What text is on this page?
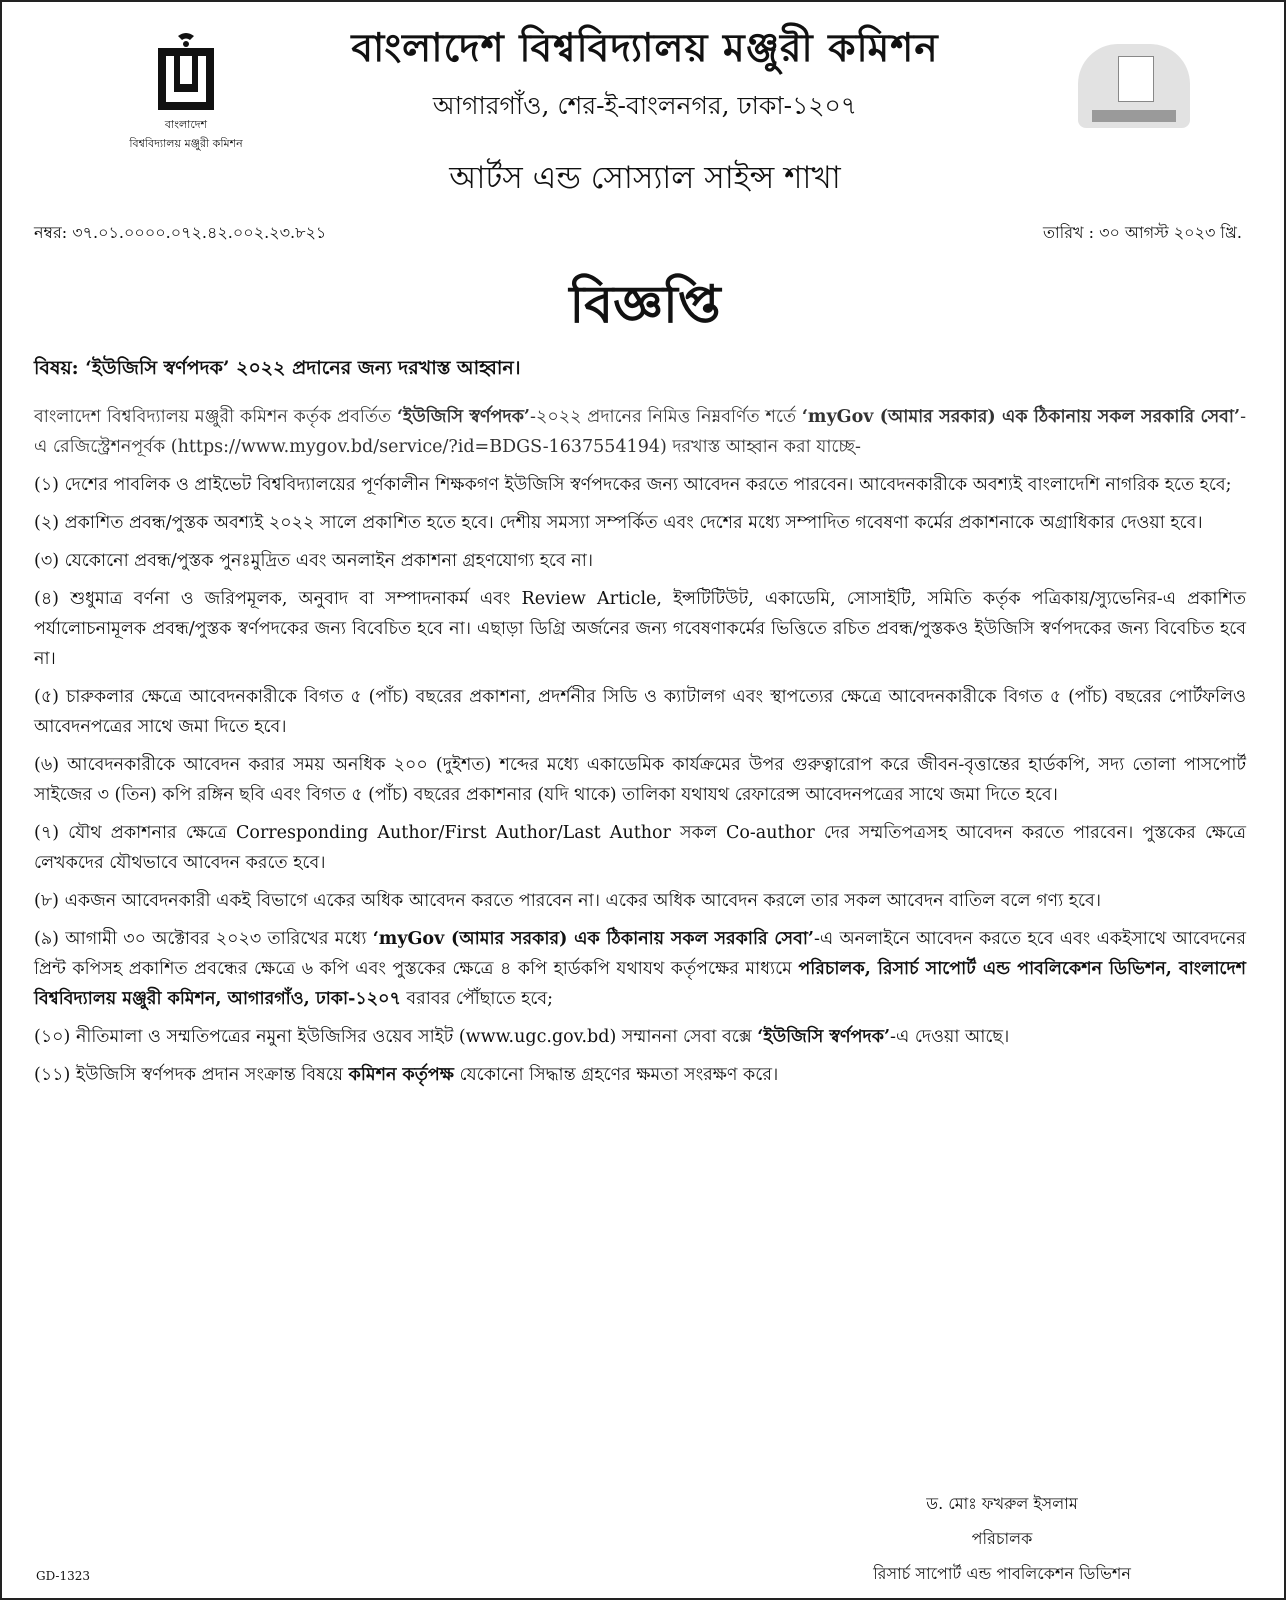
বাংলাদেশ
বিশ্ববিদ্যালয় মঞ্জুরী কমিশন
বাংলাদেশ বিশ্ববিদ্যালয় মঞ্জুরী কমিশন
আগারগাঁও, শের-ই-বাংলনগর, ঢাকা-১২০৭
আর্টস এন্ড সোস্যাল সাইন্স শাখা
নম্বর: ৩৭.০১.০০০০.০৭২.৪২.০০২.২৩.৮২১	তারিখ : ৩০ আগস্ট ২০২৩ খ্রি.
বিজ্ঞপ্তি
বিষয়: ‘ইউজিসি স্বর্ণপদক’ ২০২২ প্রদানের জন্য দরখাস্ত আহ্বান।

বাংলাদেশ বিশ্ববিদ্যালয় মঞ্জুরী কমিশন কর্তৃক প্রবর্তিত ‘ইউজিসি স্বর্ণপদক’-২০২২ প্রদানের নিমিত্ত নিম্নবর্ণিত শর্তে ‘myGov (আমার সরকার) এক ঠিকানায় সকল সরকারি সেবা’-এ রেজিস্ট্রেশনপূর্বক (https://www.mygov.bd/service/?id=BDGS-1637554194) দরখাস্ত আহ্বান করা যাচ্ছে-

(১) দেশের পাবলিক ও প্রাইভেট বিশ্ববিদ্যালয়ের পূর্ণকালীন শিক্ষকগণ ইউজিসি স্বর্ণপদকের জন্য আবেদন করতে পারবেন। আবেদনকারীকে অবশ্যই বাংলাদেশি নাগরিক হতে হবে;

(২) প্রকাশিত প্রবন্ধ/পুস্তক অবশ্যই ২০২২ সালে প্রকাশিত হতে হবে। দেশীয় সমস্যা সম্পর্কিত এবং দেশের মধ্যে সম্পাদিত গবেষণা কর্মের প্রকাশনাকে অগ্রাধিকার দেওয়া হবে।

(৩) যেকোনো প্রবন্ধ/পুস্তক পুনঃমুদ্রিত এবং অনলাইন প্রকাশনা গ্রহণযোগ্য হবে না।

(৪) শুধুমাত্র বর্ণনা ও জরিপমূলক, অনুবাদ বা সম্পাদনাকর্ম এবং Review Article, ইন্সটিটিউট, একাডেমি, সোসাইটি, সমিতি কর্তৃক পত্রিকায়/স্যুভেনির-এ প্রকাশিত পর্যালোচনামূলক প্রবন্ধ/পুস্তক স্বর্ণপদকের জন্য বিবেচিত হবে না। এছাড়া ডিগ্রি অর্জনের জন্য গবেষণাকর্মের ভিত্তিতে রচিত প্রবন্ধ/পুস্তকও ইউজিসি স্বর্ণপদকের জন্য বিবেচিত হবে না।

(৫) চারুকলার ক্ষেত্রে আবেদনকারীকে বিগত ৫ (পাঁচ) বছরের প্রকাশনা, প্রদর্শনীর সিডি ও ক্যাটালগ এবং স্থাপত্যের ক্ষেত্রে আবেদনকারীকে বিগত ৫ (পাঁচ) বছরের পোর্টফলিও আবেদনপত্রের সাথে জমা দিতে হবে।

(৬) আবেদনকারীকে আবেদন করার সময় অনধিক ২০০ (দুইশত) শব্দের মধ্যে একাডেমিক কার্যক্রমের উপর গুরুত্বারোপ করে জীবন-বৃত্তান্তের হার্ডকপি, সদ্য তোলা পাসপোর্ট সাইজের ৩ (তিন) কপি রঙ্গিন ছবি এবং বিগত ৫ (পাঁচ) বছরের প্রকাশনার (যদি থাকে) তালিকা যথাযথ রেফারেন্স আবেদনপত্রের সাথে জমা দিতে হবে।

(৭) যৌথ প্রকাশনার ক্ষেত্রে Corresponding Author/First Author/Last Author সকল Co-author দের সম্মতিপত্রসহ আবেদন করতে পারবেন। পুস্তকের ক্ষেত্রে লেখকদের যৌথভাবে আবেদন করতে হবে।

(৮) একজন আবেদনকারী একই বিভাগে একের অধিক আবেদন করতে পারবেন না। একের অধিক আবেদন করলে তার সকল আবেদন বাতিল বলে গণ্য হবে।

(৯) আগামী ৩০ অক্টোবর ২০২৩ তারিখের মধ্যে ‘myGov (আমার সরকার) এক ঠিকানায় সকল সরকারি সেবা’-এ অনলাইনে আবেদন করতে হবে এবং একইসাথে আবেদনের প্রিন্ট কপিসহ প্রকাশিত প্রবন্ধের ক্ষেত্রে ৬ কপি এবং পুস্তকের ক্ষেত্রে ৪ কপি হার্ডকপি যথাযথ কর্তৃপক্ষের মাধ্যমে পরিচালক, রিসার্চ সাপোর্ট এন্ড পাবলিকেশন ডিভিশন, বাংলাদেশ বিশ্ববিদ্যালয় মঞ্জুরী কমিশন, আগারগাঁও, ঢাকা-১২০৭ বরাবর পৌঁছাতে হবে;

(১০) নীতিমালা ও সম্মতিপত্রের নমুনা ইউজিসির ওয়েব সাইট (www.ugc.gov.bd) সম্মাননা সেবা বক্সে ‘ইউজিসি স্বর্ণপদক’-এ দেওয়া আছে।

(১১) ইউজিসি স্বর্ণপদক প্রদান সংক্রান্ত বিষয়ে কমিশন কর্তৃপক্ষ যেকোনো সিদ্ধান্ত গ্রহণের ক্ষমতা সংরক্ষণ করে।

ড. মোঃ ফখরুল ইসলাম
পরিচালক
রিসার্চ সাপোর্ট এন্ড পাবলিকেশন ডিভিশন
GD-1323
